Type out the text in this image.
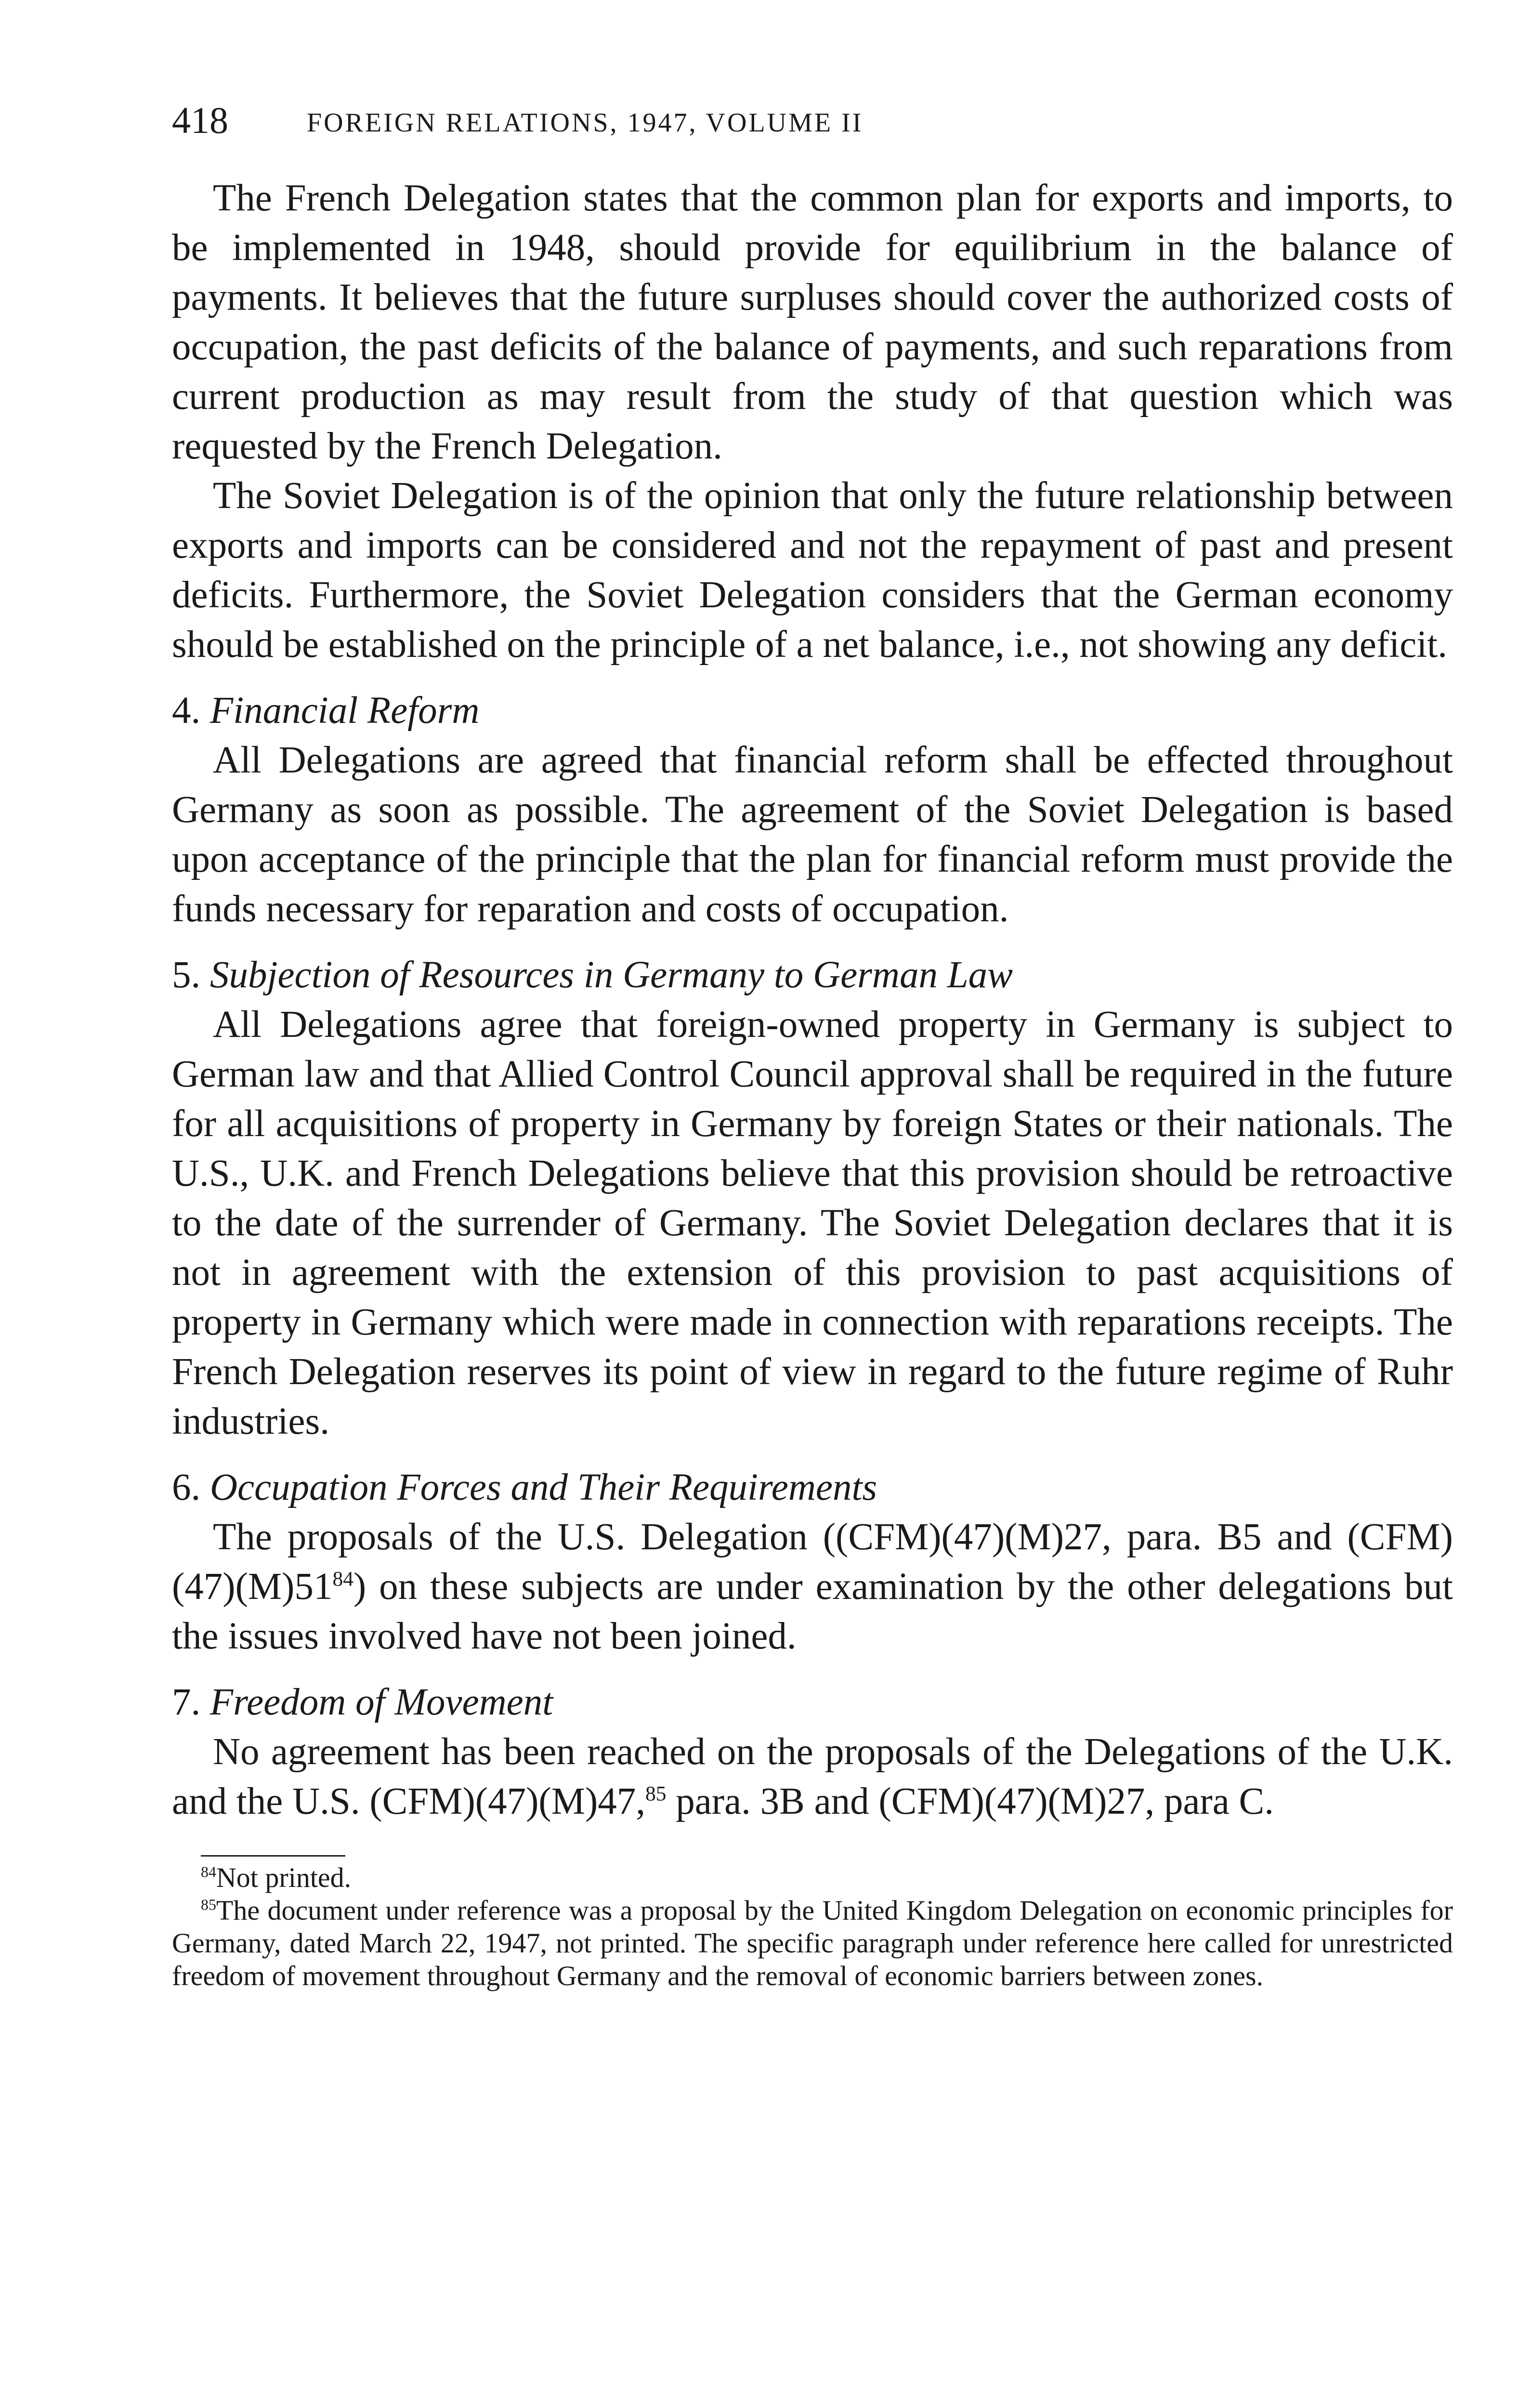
418	FOREIGN RELATIONS, 1947, VOLUME II

The French Delegation states that the common plan for exports and imports, to be implemented in 1948, should provide for equilibrium in the balance of payments. It believes that the future surpluses should cover the authorized costs of occupation, the past deficits of the balance of payments, and such reparations from current production as may result from the study of that question which was requested by the French Delegation.

The Soviet Delegation is of the opinion that only the future relationship between exports and imports can be considered and not the repayment of past and present deficits. Furthermore, the Soviet Delegation considers that the German economy should be established on the principle of a net balance, i.e., not showing any deficit.

4. Financial Reform

All Delegations are agreed that financial reform shall be effected throughout Germany as soon as possible. The agreement of the Soviet Delegation is based upon acceptance of the principle that the plan for financial reform must provide the funds necessary for reparation and costs of occupation.

5. Subjection of Resources in Germany to German Law

All Delegations agree that foreign-owned property in Germany is subject to German law and that Allied Control Council approval shall be required in the future for all acquisitions of property in Germany by foreign States or their nationals. The U.S., U.K. and French Delegations believe that this provision should be retroactive to the date of the surrender of Germany. The Soviet Delegation declares that it is not in agreement with the extension of this provision to past acquisitions of property in Germany which were made in connection with reparations receipts. The French Delegation reserves its point of view in regard to the future regime of Ruhr industries.

6. Occupation Forces and Their Requirements

The proposals of the U.S. Delegation ((CFM)(47)(M)27, para. B5 and $(CFM)(47)(M)51^{84}$) on these subjects are under examination by the other delegations but the issues involved have not been joined.

7. Freedom of Movement

No agreement has been reached on the proposals of the Delegations of the U.K. and the U.S. (CFM)(47)(M)47,85 para. 3B and (CFM)(47)(M)27, para C.

$^{84}$Not printed.

$^{85}$The document under reference was a proposal by the United Kingdom Delegation on economic principles for Germany, dated March 22, 1947, not printed. The specific paragraph under reference here called for unrestricted freedom of movement throughout Germany and the removal of economic barriers between zones.
